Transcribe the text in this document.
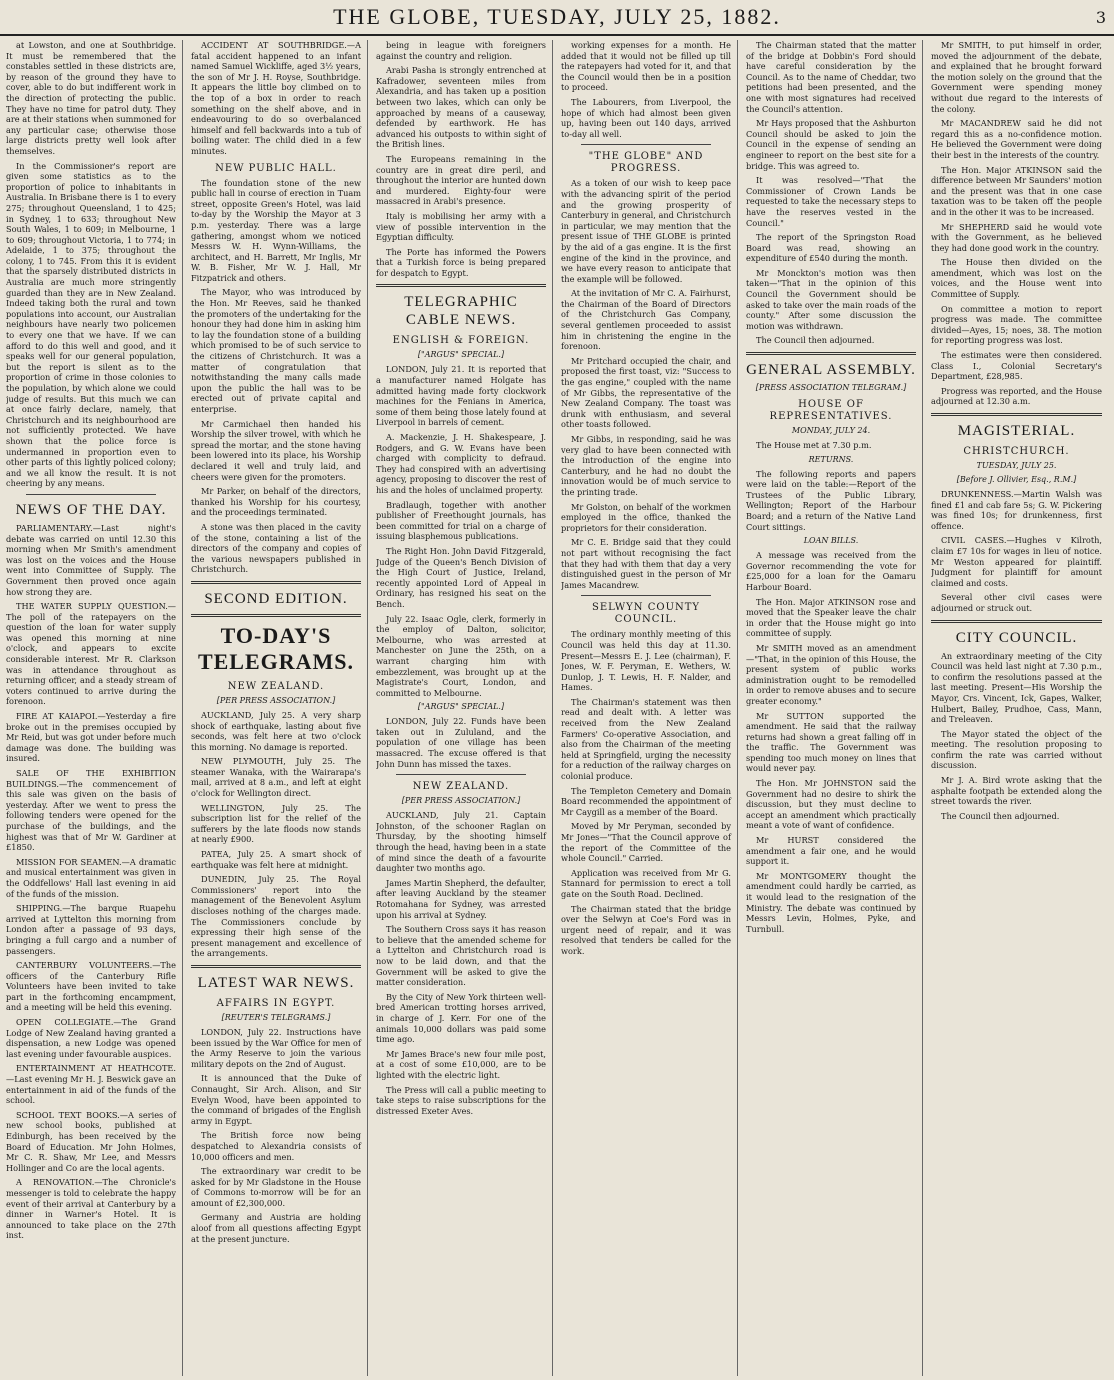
THE GLOBE, TUESDAY, JULY 25, 1882.	3

at Lowston, and one at Southbridge. It must be remembered that the constables settled in these districts are, by reason of the ground they have to cover, able to do but indifferent work in the direction of protecting the public. They have no time for patrol duty. They are at their stations when summoned for any particular case; otherwise those large districts pretty well look after themselves.

In the Commissioner's report are given some statistics as to the proportion of police to inhabitants in Australia. In Brisbane there is 1 to every 275; throughout Queensland, 1 to 425; in Sydney, 1 to 633; throughout New South Wales, 1 to 609; in Melbourne, 1 to 609; throughout Victoria, 1 to 774; in Adelaide, 1 to 375; throughout the colony, 1 to 745. From this it is evident that the sparsely distributed districts in Australia are much more stringently guarded than they are in New Zealand. Indeed taking both the rural and town populations into account, our Australian neighbours have nearly two policemen to every one that we have. If we can afford to do this well and good, and it speaks well for our general population, but the report is silent as to the proportion of crime in those colonies to the population, by which alone we could judge of results. But this much we can at once fairly declare, namely, that Christchurch and its neighbourhood are not sufficiently protected. We have shown that the police force is undermanned in proportion even to other parts of this lightly policed colony; and we all know the result. It is not cheering by any means.

NEWS OF THE DAY.

PARLIAMENTARY.—Last night's debate was carried on until 12.30 this morning when Mr Smith's amendment was lost on the voices and the House went into Committee of Supply. The Government then proved once again how strong they are.

THE WATER SUPPLY QUESTION.—The poll of the ratepayers on the question of the loan for water supply was opened this morning at nine o'clock, and appears to excite considerable interest. Mr R. Clarkson was in attendance throughout as returning officer, and a steady stream of voters continued to arrive during the forenoon.

FIRE AT KAIAPOI.—Yesterday a fire broke out in the premises occupied by Mr Reid, but was got under before much damage was done. The building was insured.

SALE OF THE EXHIBITION BUILDINGS.—The commencement of this sale was given on the basis of yesterday. After we went to press the following tenders were opened for the purchase of the buildings, and the highest was that of Mr W. Gardiner at £1850.

MISSION FOR SEAMEN.—A dramatic and musical entertainment was given in the Oddfellows' Hall last evening in aid of the funds of the mission.

SHIPPING.—The barque Ruapehu arrived at Lyttelton this morning from London after a passage of 93 days, bringing a full cargo and a number of passengers.

CANTERBURY VOLUNTEERS.—The officers of the Canterbury Rifle Volunteers have been invited to take part in the forthcoming encampment, and a meeting will be held this evening.

OPEN COLLEGIATE.—The Grand Lodge of New Zealand having granted a dispensation, a new Lodge was opened last evening under favourable auspices.

ENTERTAINMENT AT HEATHCOTE.—Last evening Mr H. J. Beswick gave an entertainment in aid of the funds of the school.

SCHOOL TEXT BOOKS.—A series of new school books, published at Edinburgh, has been received by the Board of Education. Mr John Holmes, Mr C. R. Shaw, Mr Lee, and Messrs Hollinger and Co are the local agents.

A RENOVATION.—The Chronicle's messenger is told to celebrate the happy event of their arrival at Canterbury by a dinner in Warner's Hotel. It is announced to take place on the 27th inst.

ACCIDENT AT SOUTHBRIDGE.—A fatal accident happened to an infant named Samuel Wickliffe, aged 3½ years, the son of Mr J. H. Royse, Southbridge. It appears the little boy climbed on to the top of a box in order to reach something on the shelf above, and in endeavouring to do so overbalanced himself and fell backwards into a tub of boiling water. The child died in a few minutes.

NEW PUBLIC HALL.

The foundation stone of the new public hall in course of erection in Tuam street, opposite Green's Hotel, was laid to-day by the Worship the Mayor at 3 p.m. yesterday. There was a large gathering, amongst whom we noticed Messrs W. H. Wynn-Williams, the architect, and H. Barrett, Mr Inglis, Mr W. B. Fisher, Mr W. J. Hall, Mr Fitzpatrick and others.

The Mayor, who was introduced by the Hon. Mr Reeves, said he thanked the promoters of the undertaking for the honour they had done him in asking him to lay the foundation stone of a building which promised to be of such service to the citizens of Christchurch. It was a matter of congratulation that notwithstanding the many calls made upon the public the hall was to be erected out of private capital and enterprise.

Mr Carmichael then handed his Worship the silver trowel, with which he spread the mortar, and the stone having been lowered into its place, his Worship declared it well and truly laid, and cheers were given for the promoters.

Mr Parker, on behalf of the directors, thanked his Worship for his courtesy, and the proceedings terminated.

A stone was then placed in the cavity of the stone, containing a list of the directors of the company and copies of the various newspapers published in Christchurch.

SECOND EDITION.
TO-DAY'S TELEGRAMS.
NEW ZEALAND.
[PER PRESS ASSOCIATION.]

AUCKLAND, July 25. A very sharp shock of earthquake, lasting about five seconds, was felt here at two o'clock this morning. No damage is reported.

NEW PLYMOUTH, July 25. The steamer Wanaka, with the Wairarapa's mail, arrived at 8 a.m., and left at eight o'clock for Wellington direct.

WELLINGTON, July 25. The subscription list for the relief of the sufferers by the late floods now stands at nearly £900.

PATEA, July 25. A smart shock of earthquake was felt here at midnight.

DUNEDIN, July 25. The Royal Commissioners' report into the management of the Benevolent Asylum discloses nothing of the charges made. The Commissioners conclude by expressing their high sense of the present management and excellence of the arrangements.

LATEST WAR NEWS.
AFFAIRS IN EGYPT.
[REUTER'S TELEGRAMS.]

LONDON, July 22. Instructions have been issued by the War Office for men of the Army Reserve to join the various military depots on the 2nd of August.

It is announced that the Duke of Connaught, Sir Arch. Alison, and Sir Evelyn Wood, have been appointed to the command of brigades of the English army in Egypt.

The British force now being despatched to Alexandria consists of 10,000 officers and men.

The extraordinary war credit to be asked for by Mr Gladstone in the House of Commons to-morrow will be for an amount of £2,300,000.

Germany and Austria are holding aloof from all questions affecting Egypt at the present juncture.

being in league with foreigners against the country and religion.

Arabi Pasha is strongly entrenched at Kafradower, seventeen miles from Alexandria, and has taken up a position between two lakes, which can only be approached by means of a causeway, defended by earthwork. He has advanced his outposts to within sight of the British lines.

The Europeans remaining in the country are in great dire peril, and throughout the interior are hunted down and murdered. Eighty-four were massacred in Arabi's presence.

Italy is mobilising her army with a view of possible intervention in the Egyptian difficulty.

The Porte has informed the Powers that a Turkish force is being prepared for despatch to Egypt.

TELEGRAPHIC CABLE NEWS.
ENGLISH & FOREIGN.
["ARGUS" SPECIAL.]

LONDON, July 21. It is reported that a manufacturer named Holgate has admitted having made forty clockwork machines for the Fenians in America, some of them being those lately found at Liverpool in barrels of cement.

A. Mackenzie, J. H. Shakespeare, J. Rodgers, and G. W. Evans have been charged with complicity to defraud. They had conspired with an advertising agency, proposing to discover the rest of his and the holes of unclaimed property.

Bradlaugh, together with another publisher of Freethought journals, has been committed for trial on a charge of issuing blasphemous publications.

The Right Hon. John David Fitzgerald, Judge of the Queen's Bench Division of the High Court of Justice, Ireland, recently appointed Lord of Appeal in Ordinary, has resigned his seat on the Bench.

July 22. Isaac Ogle, clerk, formerly in the employ of Dalton, solicitor, Melbourne, who was arrested at Manchester on June the 25th, on a warrant charging him with embezzlement, was brought up at the Magistrate's Court, London, and committed to Melbourne.

["ARGUS" SPECIAL.]

LONDON, July 22. Funds have been taken out in Zululand, and the population of one village has been massacred. The excuse offered is that John Dunn has missed the taxes.

NEW ZEALAND.
[PER PRESS ASSOCIATION.]

AUCKLAND, July 21. Captain Johnston, of the schooner Raglan on Thursday, by the shooting himself through the head, having been in a state of mind since the death of a favourite daughter two months ago.

James Martin Shepherd, the defaulter, after leaving Auckland by the steamer Rotomahana for Sydney, was arrested upon his arrival at Sydney.

The Southern Cross says it has reason to believe that the amended scheme for a Lyttelton and Christchurch road is now to be laid down, and that the Government will be asked to give the matter consideration.

By the City of New York thirteen well-bred American trotting horses arrived, in charge of J. Kerr. For one of the animals 10,000 dollars was paid some time ago.

Mr James Brace's new four mile post, at a cost of some £10,000, are to be lighted with the electric light.

The Press will call a public meeting to take steps to raise subscriptions for the distressed Exeter Aves.

working expenses for a month. He added that it would not be filled up till the ratepayers had voted for it, and that the Council would then be in a position to proceed.

The Labourers, from Liverpool, the hope of which had almost been given up, having been out 140 days, arrived to-day all well.

"THE GLOBE" AND PROGRESS.

As a token of our wish to keep pace with the advancing spirit of the period and the growing prosperity of Canterbury in general, and Christchurch in particular, we may mention that the present issue of THE GLOBE is printed by the aid of a gas engine. It is the first engine of the kind in the province, and we have every reason to anticipate that the example will be followed.

At the invitation of Mr C. A. Fairhurst, the Chairman of the Board of Directors of the Christchurch Gas Company, several gentlemen proceeded to assist him in christening the engine in the forenoon.

Mr Pritchard occupied the chair, and proposed the first toast, viz: "Success to the gas engine," coupled with the name of Mr Gibbs, the representative of the New Zealand Company. The toast was drunk with enthusiasm, and several other toasts followed.

Mr Gibbs, in responding, said he was very glad to have been connected with the introduction of the engine into Canterbury, and he had no doubt the innovation would be of much service to the printing trade.

Mr Golston, on behalf of the workmen employed in the office, thanked the proprietors for their consideration.

Mr C. E. Bridge said that they could not part without recognising the fact that they had with them that day a very distinguished guest in the person of Mr James Macandrew.

SELWYN COUNTY COUNCIL.

The ordinary monthly meeting of this Council was held this day at 11.30. Present—Messrs E. J. Lee (chairman), F. Jones, W. F. Peryman, E. Wethers, W. Dunlop, J. T. Lewis, H. F. Nalder, and Hames.

The Chairman's statement was then read and dealt with. A letter was received from the New Zealand Farmers' Co-operative Association, and also from the Chairman of the meeting held at Springfield, urging the necessity for a reduction of the railway charges on colonial produce.

The Templeton Cemetery and Domain Board recommended the appointment of Mr Caygill as a member of the Board.

Moved by Mr Peryman, seconded by Mr Jones—"That the Council approve of the report of the Committee of the whole Council." Carried.

Application was received from Mr G. Stannard for permission to erect a toll gate on the South Road. Declined.

The Chairman stated that the bridge over the Selwyn at Coe's Ford was in urgent need of repair, and it was resolved that tenders be called for the work.

The Chairman stated that the matter of the bridge at Dobbin's Ford should have careful consideration by the Council. As to the name of Cheddar, two petitions had been presented, and the one with most signatures had received the Council's attention.

Mr Hays proposed that the Ashburton Council should be asked to join the Council in the expense of sending an engineer to report on the best site for a bridge. This was agreed to.

It was resolved—"That the Commissioner of Crown Lands be requested to take the necessary steps to have the reserves vested in the Council."

The report of the Springston Road Board was read, showing an expenditure of £540 during the month.

Mr Monckton's motion was then taken—"That in the opinion of this Council the Government should be asked to take over the main roads of the county." After some discussion the motion was withdrawn.

The Council then adjourned.

GENERAL ASSEMBLY.
[PRESS ASSOCIATION TELEGRAM.]
HOUSE OF REPRESENTATIVES.
MONDAY, JULY 24.

The House met at 7.30 p.m.

RETURNS.

The following reports and papers were laid on the table:—Report of the Trustees of the Public Library, Wellington; Report of the Harbour Board; and a return of the Native Land Court sittings.

LOAN BILLS.

A message was received from the Governor recommending the vote for £25,000 for a loan for the Oamaru Harbour Board.

The Hon. Major ATKINSON rose and moved that the Speaker leave the chair in order that the House might go into committee of supply.

Mr SMITH moved as an amendment—"That, in the opinion of this House, the present system of public works administration ought to be remodelled in order to remove abuses and to secure greater economy."

Mr SUTTON supported the amendment. He said that the railway returns had shown a great falling off in the traffic. The Government was spending too much money on lines that would never pay.

The Hon. Mr JOHNSTON said the Government had no desire to shirk the discussion, but they must decline to accept an amendment which practically meant a vote of want of confidence.

Mr HURST considered the amendment a fair one, and he would support it.

Mr MONTGOMERY thought the amendment could hardly be carried, as it would lead to the resignation of the Ministry. The debate was continued by Messrs Levin, Holmes, Pyke, and Turnbull.

Mr SMITH, to put himself in order, moved the adjournment of the debate, and explained that he brought forward the motion solely on the ground that the Government were spending money without due regard to the interests of the colony.

Mr MACANDREW said he did not regard this as a no-confidence motion. He believed the Government were doing their best in the interests of the country.

The Hon. Major ATKINSON said the difference between Mr Saunders' motion and the present was that in one case taxation was to be taken off the people and in the other it was to be increased.

Mr SHEPHERD said he would vote with the Government, as he believed they had done good work in the country.

The House then divided on the amendment, which was lost on the voices, and the House went into Committee of Supply.

On committee a motion to report progress was made. The committee divided—Ayes, 15; noes, 38. The motion for reporting progress was lost.

The estimates were then considered. Class I., Colonial Secretary's Department, £28,985.

Progress was reported, and the House adjourned at 12.30 a.m.

MAGISTERIAL.
CHRISTCHURCH.
TUESDAY, JULY 25.
[Before J. Ollivier, Esq., R.M.]

DRUNKENNESS.—Martin Walsh was fined £1 and cab fare 5s; G. W. Pickering was fined 10s; for drunkenness, first offence.

CIVIL CASES.—Hughes v Kilroth, claim £7 10s for wages in lieu of notice. Mr Weston appeared for plaintiff. Judgment for plaintiff for amount claimed and costs.

Several other civil cases were adjourned or struck out.

CITY COUNCIL.

An extraordinary meeting of the City Council was held last night at 7.30 p.m., to confirm the resolutions passed at the last meeting. Present—His Worship the Mayor, Crs. Vincent, Ick, Gapes, Walker, Hulbert, Bailey, Prudhoe, Cass, Mann, and Treleaven.

The Mayor stated the object of the meeting. The resolution proposing to confirm the rate was carried without discussion.

Mr J. A. Bird wrote asking that the asphalte footpath be extended along the street towards the river.

The Council then adjourned.
